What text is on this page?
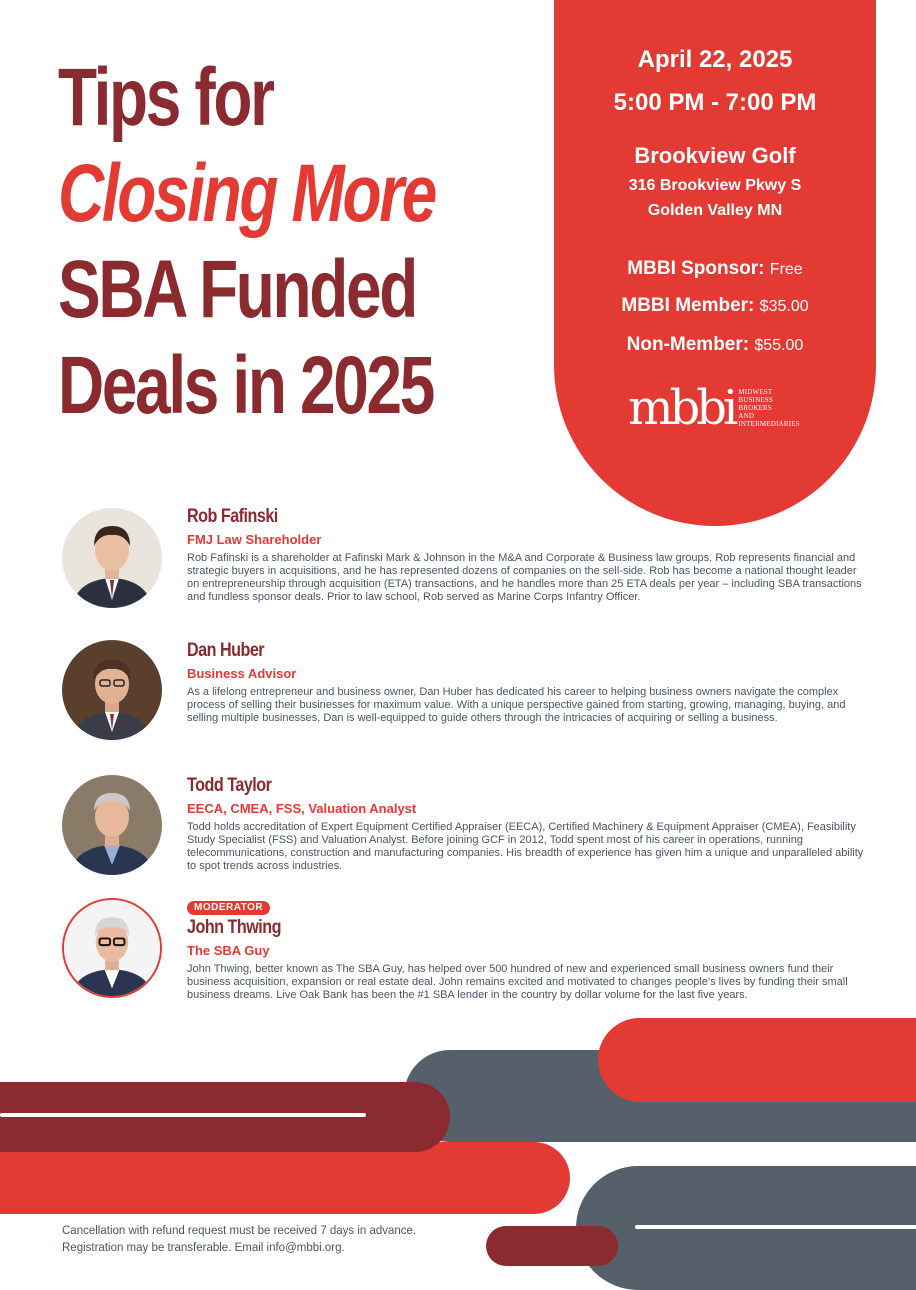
Tips for
Closing More
SBA Funded
Deals in 2025
April 22, 2025
5:00 PM - 7:00 PM
Brookview Golf
316 Brookview Pkwy S
Golden Valley MN
MBBI Sponsor: Free
MBBI Member: $35.00
Non-Member: $55.00
mbbi MIDWEST
BUSINESS
BROKERS
AND
INTERMEDIARIES

Rob Fafinski

FMJ Law Shareholder
Rob Fafinski is a shareholder at Fafinski Mark & Johnson in the M&A and Corporate & Business law groups. Rob represents financial and strategic buyers in acquisitions, and he has represented dozens of companies on the sell-side. Rob has become a national thought leader on entrepreneurship through acquisition (ETA) transactions, and he handles more than 25 ETA deals per year – including SBA transactions and fundless sponsor deals. Prior to law school, Rob served as Marine Corps Infantry Officer.

Dan Huber

Business Advisor
As a lifelong entrepreneur and business owner, Dan Huber has dedicated his career to helping business owners navigate the complex process of selling their businesses for maximum value. With a unique perspective gained from starting, growing, managing, buying, and selling multiple businesses, Dan is well-equipped to guide others through the intricacies of acquiring or selling a business.

Todd Taylor

EECA, CMEA, FSS, Valuation Analyst
Todd holds accreditation of Expert Equipment Certified Appraiser (EECA), Certified Machinery & Equipment Appraiser (CMEA), Feasibility Study Specialist (FSS) and Valuation Analyst. Before joining GCF in 2012, Todd spent most of his career in operations, running telecommunications, construction and manufacturing companies. His breadth of experience has given him a unique and unparalleled ability to spot trends across industries.
MODERATOR

John Thwing

The SBA Guy
John Thwing, better known as The SBA Guy, has helped over 500 hundred of new and experienced small business owners fund their business acquisition, expansion or real estate deal. John remains excited and motivated to changes people's lives by funding their small business dreams. Live Oak Bank has been the #1 SBA lender in the country by dollar volume for the last five years.
Cancellation with refund request must be received 7 days in advance.
Registration may be transferable. Email info@mbbi.org.
